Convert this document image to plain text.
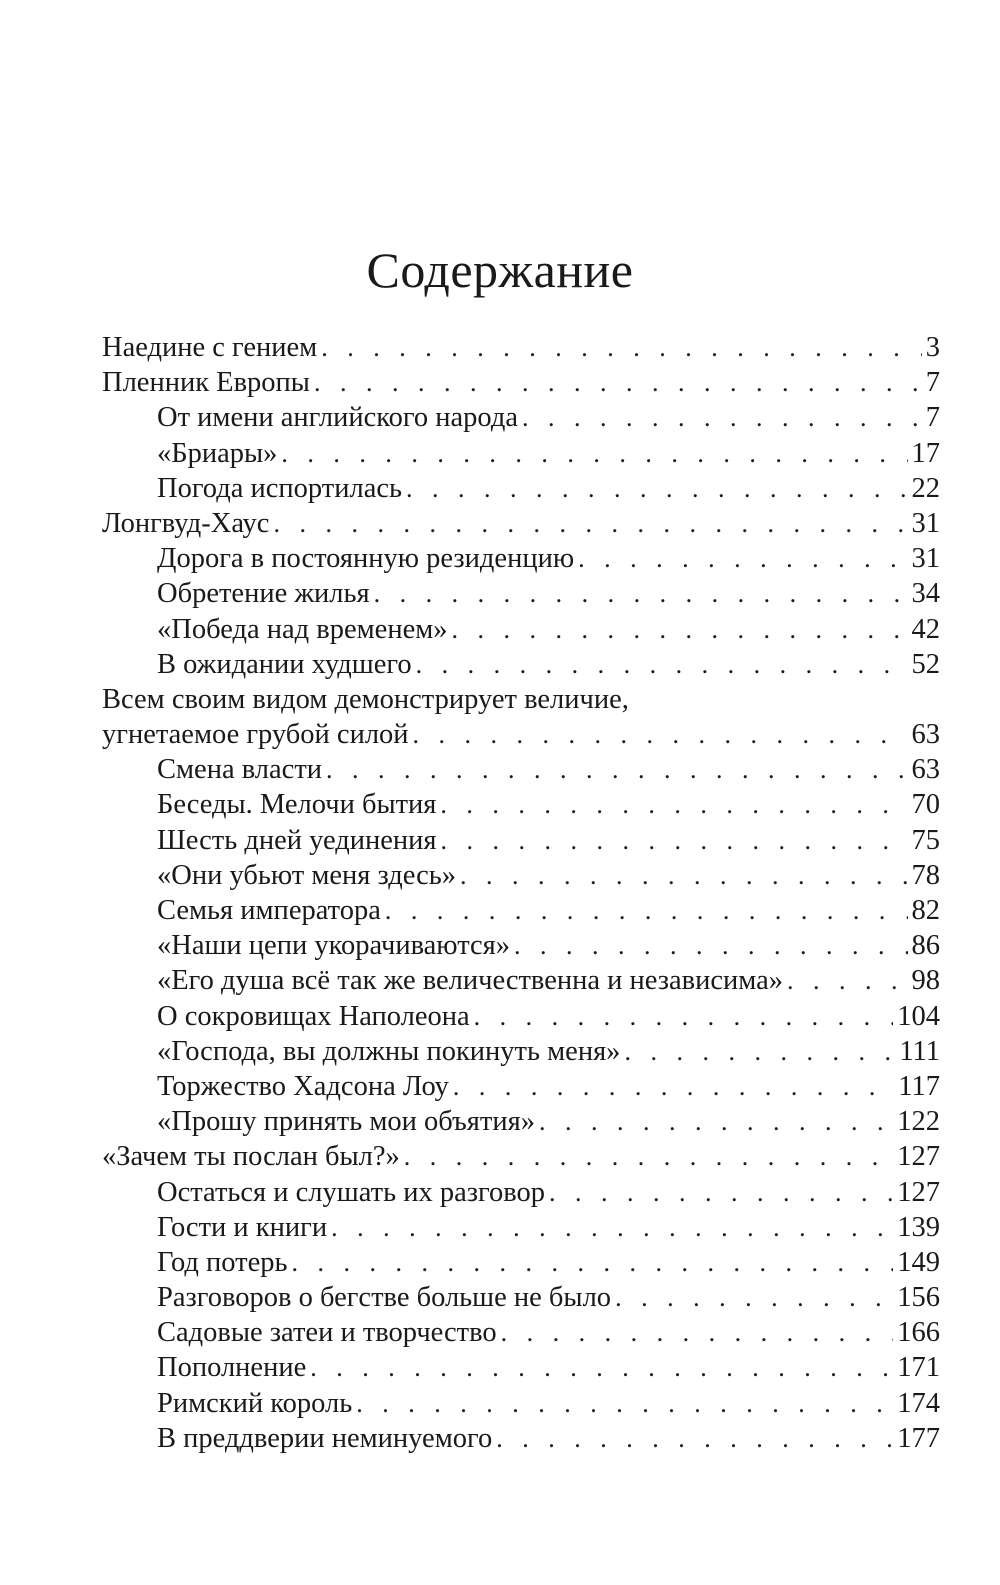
Содержание
Наедине с гением . . .	3
Пленник Европы . . .	7
От имени английского народа . . .	7
«Бриары» . . .	17
Погода испортилась . . .	22
Лонгвуд-Хаус . . .	31
Дорога в постоянную резиденцию . . .	31
Обретение жилья . . .	34
«Победа над временем» . . .	42
В ожидании худшего . . .	52
Всем своим видом демонстрирует величие,
угнетаемое грубой силой . . .	63
Смена власти . . .	63
Беседы. Мелочи бытия . . .	70
Шесть дней уединения . . .	75
«Они убьют меня здесь» . . .	78
Семья императора . . .	82
«Наши цепи укорачиваются» . . .	86
«Его душа всё так же величественна и независима» . . .	98
О сокровищах Наполеона . . .	104
«Господа, вы должны покинуть меня» . . .	111
Торжество Хадсона Лоу . . .	117
«Прошу принять мои объятия» . . .	122
«Зачем ты послан был?» . . .	127
Остаться и слушать их разговор . . .	127
Гости и книги . . .	139
Год потерь . . .	149
Разговоров о бегстве больше не было . . .	156
Садовые затеи и творчество . . .	166
Пополнение . . .	171
Римский король . . .	174
В преддверии неминуемого . . .	177
